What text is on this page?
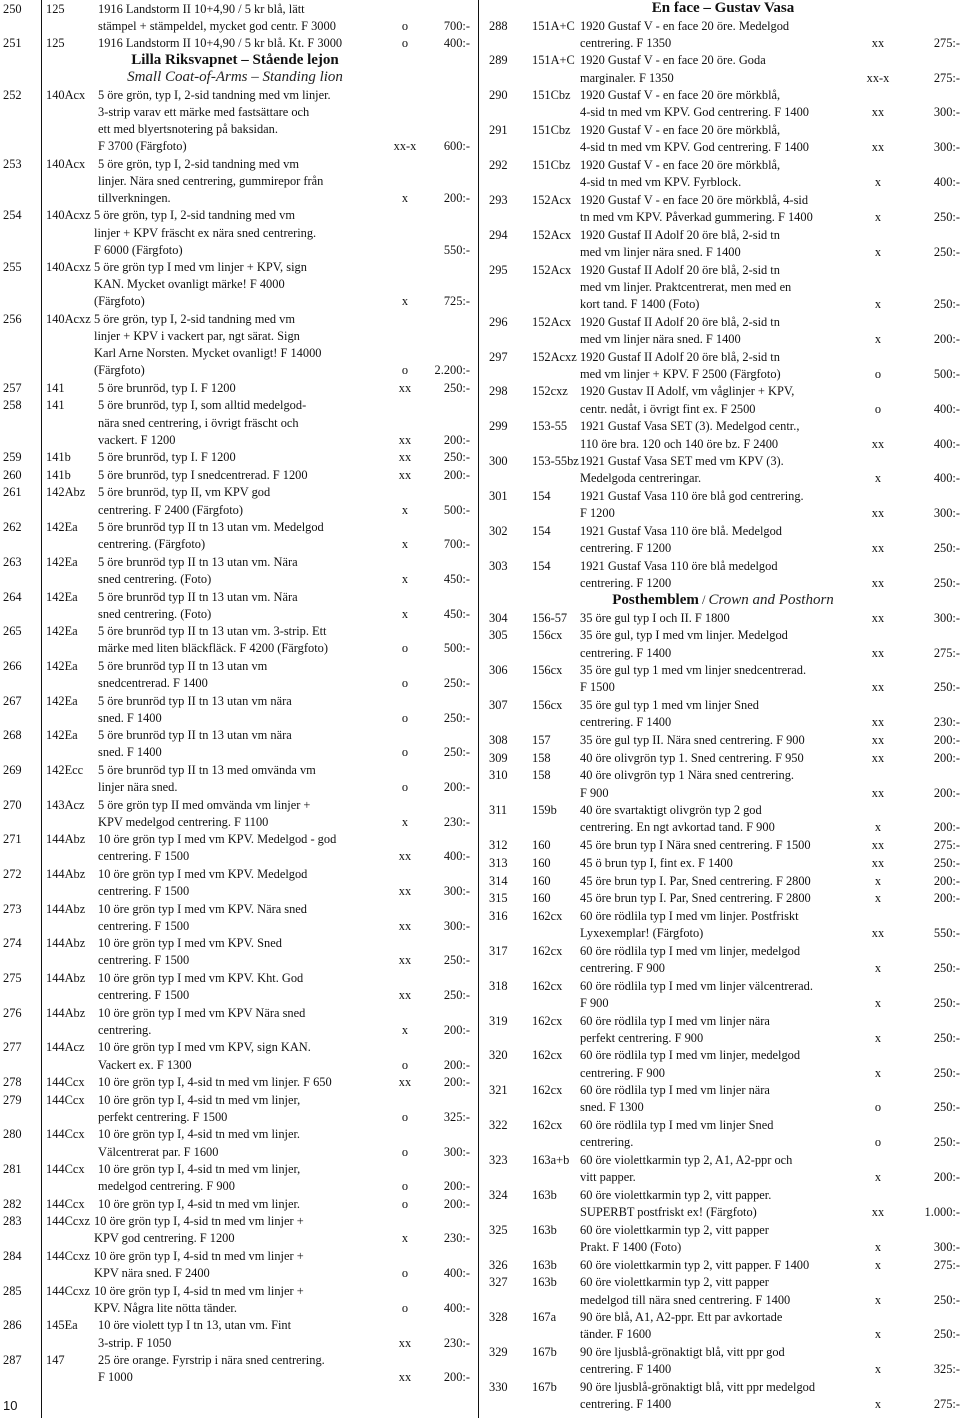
250 125	1916 Landstorm II 10+4,90 / 5 kr blå, lätt
stämpel + stämpeldel, mycket god centr. F 3000	o	700:-
251 125	1916 Landstorm II 10+4,90 / 5 kr blå. Kt. F 3000	o	400:-
Lilla Riksvapnet – Stående lejon
Small Coat-of-Arms – Standing lion
252 140Acx 5 öre grön, typ I, 2-sid tandning med vm linjer.
3-strip varav ett märke med fastsättare och
ett med blyertsnotering på baksidan.
F 3700 (Färgfoto)	xx-x	600:-
253 140Acx 5 öre grön, typ I, 2-sid tandning med vm
linjer. Nära sned centrering, gummirepor från
tillverkningen.	x	200:-
254 140Acxz 5 öre grön, typ I, 2-sid tandning med vm
linjer + KPV fräscht ex nära sned centrering.
F 6000 (Färgfoto)	550:-
255 140Acxz 5 öre grön typ I med vm linjer + KPV, sign
KAN. Mycket ovanligt märke! F 4000
(Färgfoto)	x	725:-
256 140Acxz 5 öre grön, typ I, 2-sid tandning med vm
linjer + KPV i vackert par, ngt särat. Sign
Karl Arne Norsten. Mycket ovanligt! F 14000
(Färgfoto)	o	2.200:-
257 141	5 öre brunröd, typ I. F 1200	xx	250:-
258 141	5 öre brunröd, typ I, som alltid medelgod-
nära sned centrering, i övrigt fräscht och
vackert. F 1200	xx	200:-
259 141b 5 öre brunröd, typ I. F 1200	xx	250:-
260 141b 5 öre brunröd, typ I snedcentrerad. F 1200	xx	200:-
261 142Abz 5 öre brunröd, typ II, vm KPV god
centrering. F 2400 (Färgfoto)	x	500:-
262 142Ea 5 öre brunröd typ II tn 13 utan vm. Medelgod
centrering. (Färgfoto)	x	700:-
263 142Ea 5 öre brunröd typ II tn 13 utan vm. Nära
sned centrering. (Foto)	x	450:-
264 142Ea 5 öre brunröd typ II tn 13 utan vm. Nära
sned centrering. (Foto)	x	450:-
265 142Ea 5 öre brunröd typ II tn 13 utan vm. 3-strip. Ett
märke med liten bläckfläck. F 4200 (Färgfoto)	o	500:-
266 142Ea 5 öre brunröd typ II tn 13 utan vm
snedcentrerad. F 1400	o	250:-
267 142Ea 5 öre brunröd typ II tn 13 utan vm nära
sned. F 1400	o	250:-
268 142Ea 5 öre brunröd typ II tn 13 utan vm nära
sned. F 1400	o	250:-
269 142Ecc 5 öre brunröd typ II tn 13 med omvända vm
linjer nära sned.	o	200:-
270 143Acz 5 öre grön typ II med omvända vm linjer +
KPV medelgod centrering. F 1100	x	230:-
271 144Abz 10 öre grön typ I med vm KPV. Medelgod - god
centrering. F 1500	xx	400:-
272 144Abz 10 öre grön typ I med vm KPV. Medelgod
centrering. F 1500	xx	300:-
273 144Abz 10 öre grön typ I med vm KPV. Nära sned
centrering. F 1500	xx	300:-
274 144Abz 10 öre grön typ I med vm KPV. Sned
centrering. F 1500	xx	250:-
275 144Abz 10 öre grön typ I med vm KPV. Kht. God
centrering. F 1500	xx	250:-
276 144Abz 10 öre grön typ I med vm KPV Nära sned
centrering.	x	200:-
277 144Acz 10 öre grön typ I med vm KPV, sign KAN.
Vackert ex. F 1300	o	200:-
278 144Ccx 10 öre grön typ I, 4-sid tn med vm linjer. F 650	xx	200:-
279 144Ccx 10 öre grön typ I, 4-sid tn med vm linjer,
perfekt centrering. F 1500	o	325:-
280 144Ccx 10 öre grön typ I, 4-sid tn med vm linjer.
Välcentrerat par. F 1600	o	300:-
281 144Ccx 10 öre grön typ I, 4-sid tn med vm linjer,
medelgod centrering. F 900	o	200:-
282 144Ccx 10 öre grön typ I, 4-sid tn med vm linjer.	o	200:-
283 144Ccxz 10 öre grön typ I, 4-sid tn med vm linjer +
KPV god centrering. F 1200	x	230:-
284 144Ccxz 10 öre grön typ I, 4-sid tn med vm linjer +
KPV nära sned. F 2400	o	400:-
285 144Ccxz 10 öre grön typ I, 4-sid tn med vm linjer +
KPV. Några lite nötta tänder.	o	400:-
286 145Ea 10 öre violett typ I tn 13, utan vm. Fint
3-strip. F 1050	xx	230:-
287 147	25 öre orange. Fyrstrip i nära sned centrering.
F 1000	xx	200:-
En face – Gustav Vasa
288 151A+C 1920 Gustaf V - en face 20 öre. Medelgod
centrering. F 1350	xx	275:-
289 151A+C 1920 Gustaf V - en face 20 öre. Goda
marginaler. F 1350	xx-x	275:-
290 151Cbz 1920 Gustaf V - en face 20 öre mörkblå,
4-sid tn med vm KPV. God centrering. F 1400	xx	300:-
291 151Cbz 1920 Gustaf V - en face 20 öre mörkblå,
4-sid tn med vm KPV. God centrering. F 1400	xx	300:-
292 151Cbz 1920 Gustaf V - en face 20 öre mörkblå,
4-sid tn med vm KPV. Fyrblock.	x	400:-
293 152Acx 1920 Gustaf V - en face 20 öre mörkblå, 4-sid
tn med vm KPV. Påverkad gummering. F 1400	x	250:-
294 152Acx 1920 Gustaf II Adolf 20 öre blå, 2-sid tn
med vm linjer nära sned. F 1400	x	250:-
295 152Acx 1920 Gustaf II Adolf 20 öre blå, 2-sid tn
med vm linjer. Praktcentrerat, men med en
kort tand. F 1400 (Foto)	x	250:-
296 152Acx 1920 Gustaf II Adolf 20 öre blå, 2-sid tn
med vm linjer nära sned. F 1400	x	200:-
297 152Acxz 1920 Gustaf II Adolf 20 öre blå, 2-sid tn
med vm linjer + KPV. F 2500 (Färgfoto)	o	500:-
298 152cxz 1920 Gustav II Adolf, vm våglinjer + KPV,
centr. nedåt, i övrigt fint ex. F 2500	o	400:-
299 153-55 1921 Gustaf Vasa SET (3). Medelgod centr.,
110 öre bra. 120 och 140 öre bz. F 2400	xx	400:-
300 153-55bz 1921 Gustaf Vasa SET med vm KPV (3).
Medelgoda centreringar.	x	400:-
301 154 1921 Gustaf Vasa 110 öre blå god centrering.
F 1200	xx	300:-
302 154 1921 Gustaf Vasa 110 öre blå. Medelgod
centrering. F 1200	xx	250:-
303 154 1921 Gustaf Vasa 110 öre blå medelgod
centrering. F 1200	xx	250:-
Posthemblem / Crown and Posthorn
304 156-57 35 öre gul typ I och II. F 1800	xx	300:-
305 156cx 35 öre gul, typ I med vm linjer. Medelgod
centrering. F 1400	xx	275:-
306 156cx 35 öre gul typ 1 med vm linjer snedcentrerad.
F 1500	xx	250:-
307 156cx 35 öre gul typ 1 med vm linjer Sned
centrering. F 1400	xx	230:-
308 157 35 öre gul typ II. Nära sned centrering. F 900	xx	200:-
309 158 40 öre olivgrön typ 1. Sned centrering. F 950	xx	200:-
310 158 40 öre olivgrön typ 1 Nära sned centrering.
F 900	xx	200:-
311 159b 40 öre svartaktigt olivgrön typ 2 god
centrering. En ngt avkortad tand. F 900	x	200:-
312 160 45 öre brun typ I Nära sned centrering. F 1500	xx	275:-
313 160 45 ö brun typ I, fint ex. F 1400	xx	250:-
314 160 45 öre brun typ I. Par, Sned centrering. F 2800	x	200:-
315 160 45 öre brun typ I. Par, Sned centrering. F 2800	x	200:-
316 162cx 60 öre rödlila typ I med vm linjer. Postfriskt
Lyxexemplar! (Färgfoto)	xx	550:-
317 162cx 60 öre rödlila typ I med vm linjer, medelgod
centrering. F 900	x	250:-
318 162cx 60 öre rödlila typ I med vm linjer välcentrerad.
F 900	x	250:-
319 162cx 60 öre rödlila typ I med vm linjer nära
perfekt centrering. F 900	x	250:-
320 162cx 60 öre rödlila typ I med vm linjer, medelgod
centrering. F 900	x	250:-
321 162cx 60 öre rödlila typ I med vm linjer nära
sned. F 1300	o	250:-
322 162cx 60 öre rödlila typ I med vm linjer Sned
centrering.	o	250:-
323 163a+b 60 öre violettkarmin typ 2, A1, A2-ppr och
vitt papper.	x	200:-
324 163b 60 öre violettkarmin typ 2, vitt papper.
SUPERBT postfriskt ex! (Färgfoto)	xx	1.000:-
325 163b 60 öre violettkarmin typ 2, vitt papper
Prakt. F 1400 (Foto)	x	300:-
326 163b 60 öre violettkarmin typ 2, vitt papper. F 1400	x	275:-
327 163b 60 öre violettkarmin typ 2, vitt papper
medelgod till nära sned centrering. F 1400	x	250:-
328 167a 90 öre blå, A1, A2-ppr. Ett par avkortade
tänder. F 1600	x	250:-
329 167b 90 öre ljusblå-grönaktigt blå, vitt ppr god
centrering. F 1400	x	325:-
330 167b 90 öre ljusblå-grönaktigt blå, vitt ppr medelgod
centrering. F 1400	x	275:-
10
